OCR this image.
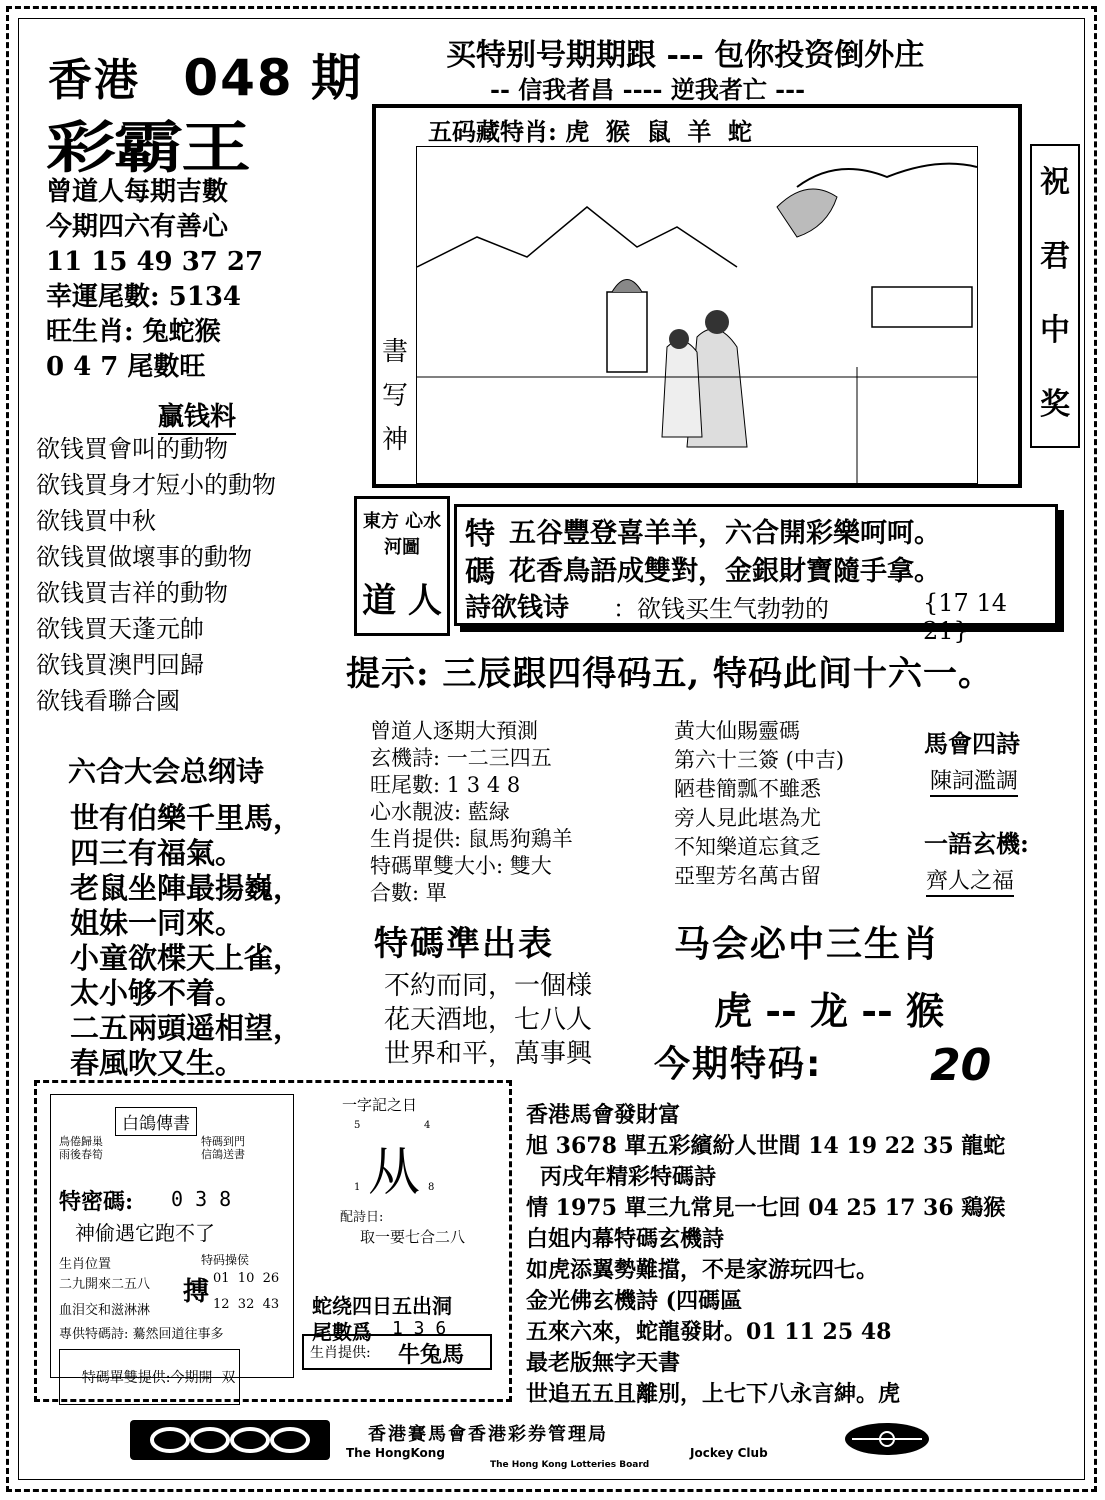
香港 048 期
彩霸王
买特别号期期跟 --- 包你投资倒外庄
-- 信我者昌 ---- 逆我者亡 ---
曾道人每期吉數
今期四六有善心
11 15 49 37 27
幸運尾數: 5134
旺生肖: 兔蛇猴
0 4 7 尾數旺
贏钱料
欲钱買會叫的動物
欲钱買身才短小的動物
欲钱買中秋
欲钱買做壞事的動物
欲钱買吉祥的動物
欲钱買天蓬元帥
欲钱買澳門回歸
欲钱看聯合國
五码藏特肖: 虎  猴  鼠  羊  蛇
祝
君
中
奖
書
写
神
東方 心水 河圖
道 人
特 五谷豐登喜羊羊，六合開彩樂呵呵。
碼 花香鳥語成雙對，金銀財寶隨手拿。
詩欲钱诗 ：欲钱买生气勃勃的	{17 14 21}
提示: 三辰跟四得码五, 特码此间十六一。
六合大会总纲诗
世有伯樂千里馬，
四三有福氣。
老鼠坐陣最揚巍，
姐妹一同來。
小童欲楪天上雀，
太小够不着。
二五兩頭遥相望，
春風吹又生。
曾道人逐期大預測
玄機詩: 一二三四五
旺尾數: 1 3 4 8
心水靚波: 藍緑
生肖提供: 鼠馬狗鶏羊
特碼單雙大小: 雙大
合數: 單
黄大仙賜靈碼
第六十三簽 (中吉)
陋巷簡瓢不雖悉
旁人見此堪為尤
不知樂道忘貧乏
亞聖芳名萬古留
馬會四詩
陳詞濫調
一語玄機:
齊人之福
特碼準出表
不約而同，一個様
花天酒地，七八人
世界和平，萬事興
马会必中三生肖
虎 -- 龙 -- 猴
今期特码: 20
白鴿傳書
鳥倦歸巢
雨後春筍
特碼到門
信鴿送書
特密碼: 0 3 8
神偷遇它跑不了
生肖位置
二九開來二五八
血泪交和滋淋淋
特码操侯
搏 01  10  26
12  32  43
專供特碼詩: 驀然回道往事多

特碼單雙提供:今期開  双

一字記之日
5	4
从
1	8
配詩日:
取一要七合二八
蛇绕四日五出洞
尾數爲 1 3 6
生肖提供: 牛兔馬
香港馬會發財富
旭 3678 單五彩繽紛人世間 14 19 22 35 龍蛇
丙戌年精彩特碼詩
情 1975 單三九常見一七回 04 25 17 36 鶏猴
白姐内幕特碼玄機詩
如虎添翼勢難擋，不是家游玩四七。
金光佛玄機詩 (四碼區
五來六來，蛇龍發財。01 11 25 48
最老版無字天書
世追五五且離別，上七下八永言紳。虎
香港賽馬會香港彩券管理局
The HongKong	Jockey Club
The Hong Kong Lotteries Board
